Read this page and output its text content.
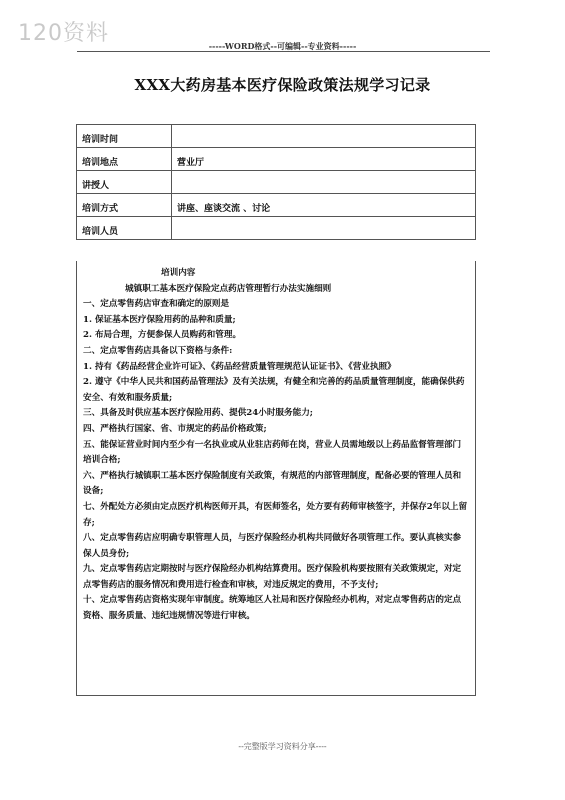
120资料	-----WORD格式--可编辑--专业资料-----
XXX大药房基本医疗保险政策法规学习记录
培训时间	
培训地点	营业厅
讲授人	
培训方式	讲座、座谈交流 、讨论
培训人员	
培训内容
城镇职工基本医疗保险定点药店管理暂行办法实施细则
一、定点零售药店审查和确定的原则是
1. 保证基本医疗保险用药的品种和质量;
2. 布局合理，方便参保人员购药和管理。
二、定点零售药店具备以下资格与条件:
1. 持有《药品经营企业许可证》、《药品经营质量管理规范认证证书》、《营业执照》
2. 遵守《中华人民共和国药品管理法》及有关法规，有健全和完善的药品质量管理制度，能确保供药安全、有效和服务质量;
三、具备及时供应基本医疗保险用药、提供24小时服务能力;
四、严格执行国家、省、市规定的药品价格政策;
五、能保证营业时间内至少有一名执业或从业驻店药师在岗，营业人员需地级以上药品监督管理部门培训合格;
六、严格执行城镇职工基本医疗保险制度有关政策，有规范的内部管理制度，配备必要的管理人员和设备;
七、外配处方必须由定点医疗机构医师开具，有医师签名，处方要有药师审核签字，并保存2年以上留存;
八、定点零售药店应明确专职管理人员，与医疗保险经办机构共同做好各项管理工作。要认真核实参保人员身份;
九、定点零售药店定期按时与医疗保险经办机构结算费用。医疗保险机构要按照有关政策规定，对定点零售药店的服务情况和费用进行检查和审核，对违反规定的费用，不予支付;
十、定点零售药店资格实现年审制度。统筹地区人社局和医疗保险经办机构，对定点零售药店的定点资格、服务质量、违纪违规情况等进行审核。
--完整版学习资料分享----
